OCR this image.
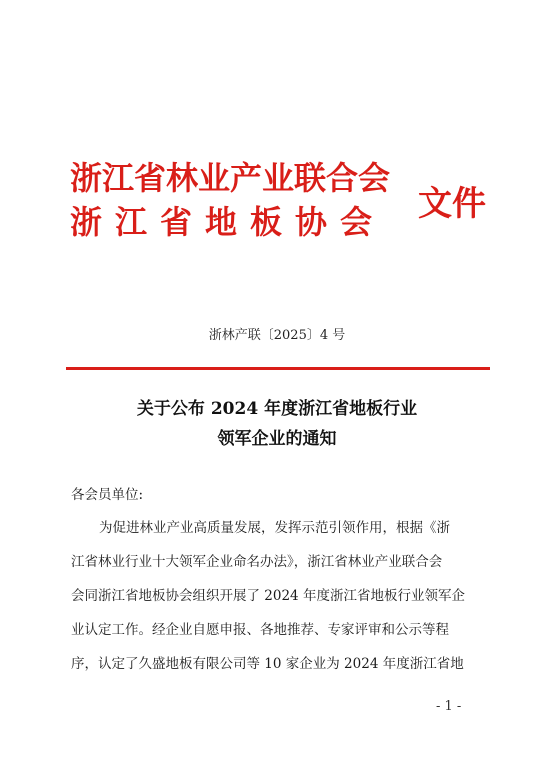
浙江省林业产业联合会
浙江省地板协会 文件
浙林产联〔2025〕4 号
关于公布 2024 年度浙江省地板行业
领军企业的通知
各会员单位:
为促进林业产业高质量发展，发挥示范引领作用，根据《浙
江省林业行业十大领军企业命名办法》，浙江省林业产业联合会
会同浙江省地板协会组织开展了 2024 年度浙江省地板行业领军企
业认定工作。经企业自愿申报、各地推荐、专家评审和公示等程
序，认定了久盛地板有限公司等 10 家企业为 2024 年度浙江省地
- 1 -
